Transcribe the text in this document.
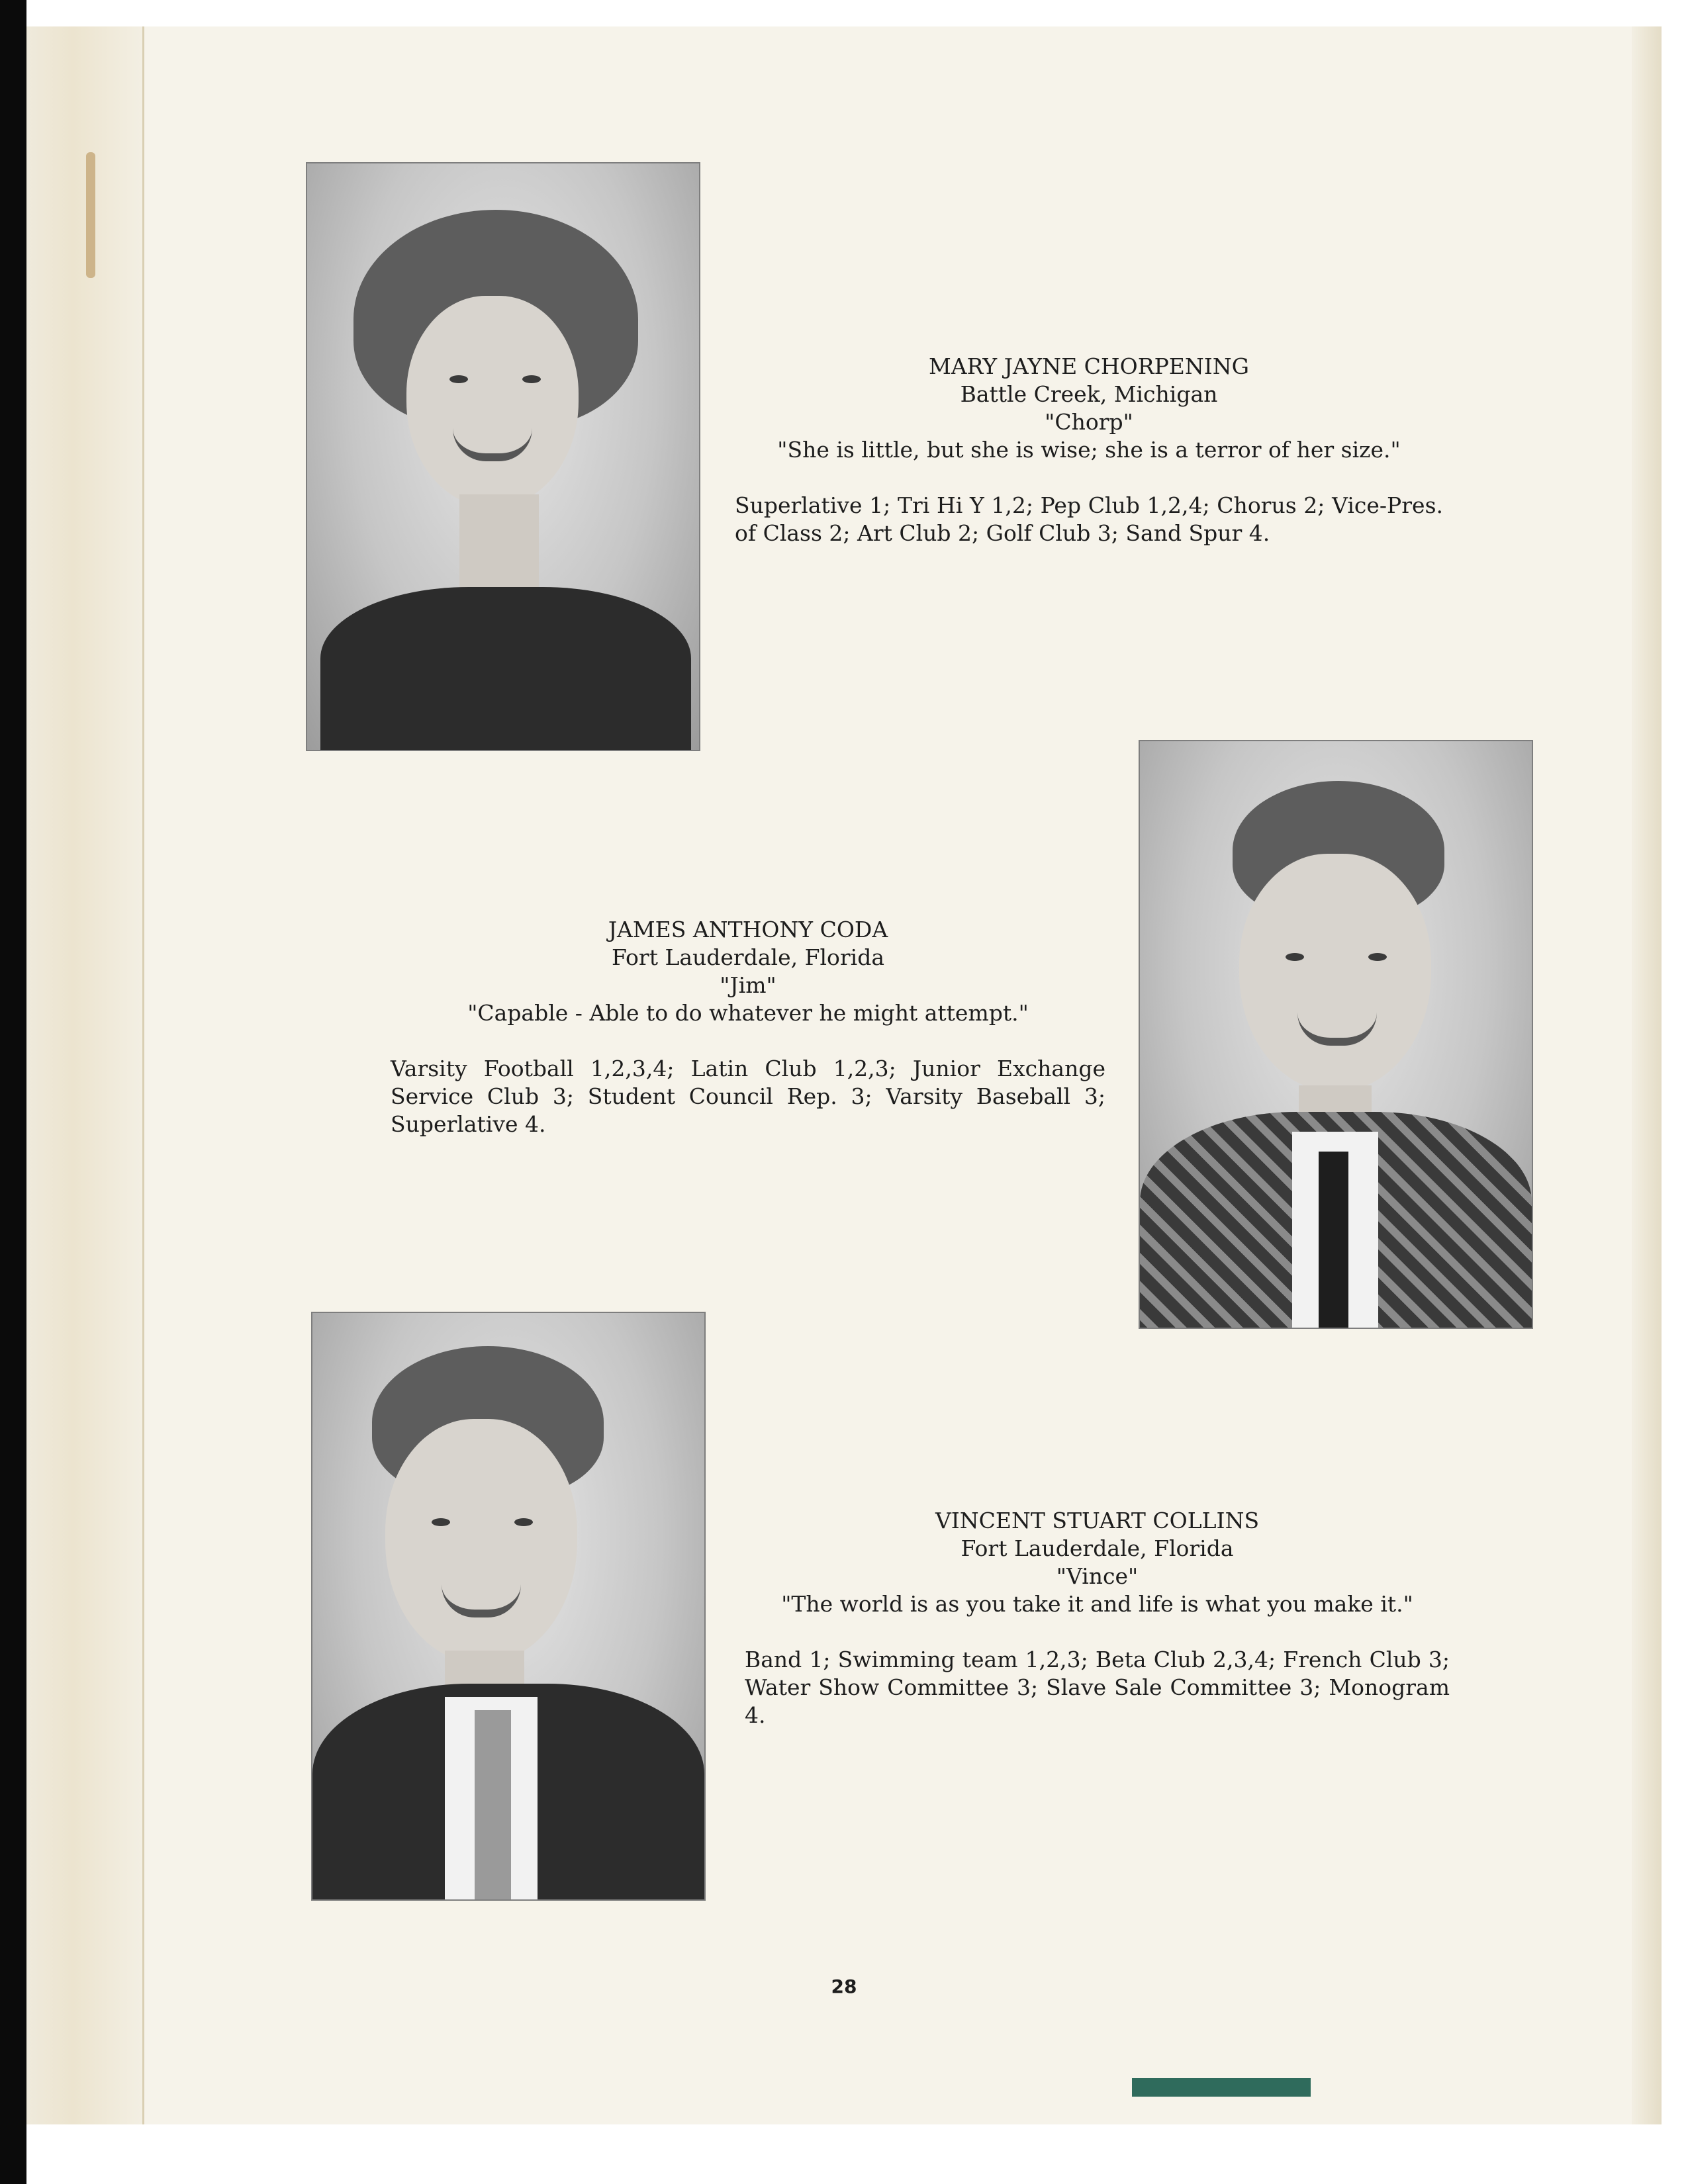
MARY JAYNE CHORPENING
Battle Creek, Michigan
"Chorp"
"She is little, but she is wise; she is a terror of her size."
Superlative 1; Tri Hi Y 1,2; Pep Club 1,2,4; Chorus 2; Vice-Pres. of Class 2; Art Club 2; Golf Club 3; Sand Spur 4.
JAMES ANTHONY CODA
Fort Lauderdale, Florida
"Jim"
"Capable - Able to do whatever he might attempt."
Varsity Football 1,2,3,4; Latin Club 1,2,3; Junior Exchange Service Club 3; Student Council Rep. 3; Varsity Baseball 3; Superlative 4.
VINCENT STUART COLLINS
Fort Lauderdale, Florida
"Vince"
"The world is as you take it and life is what you make it."
Band 1; Swimming team 1,2,3; Beta Club 2,3,4; French Club 3; Water Show Committee 3; Slave Sale Committee 3; Monogram 4.
28
